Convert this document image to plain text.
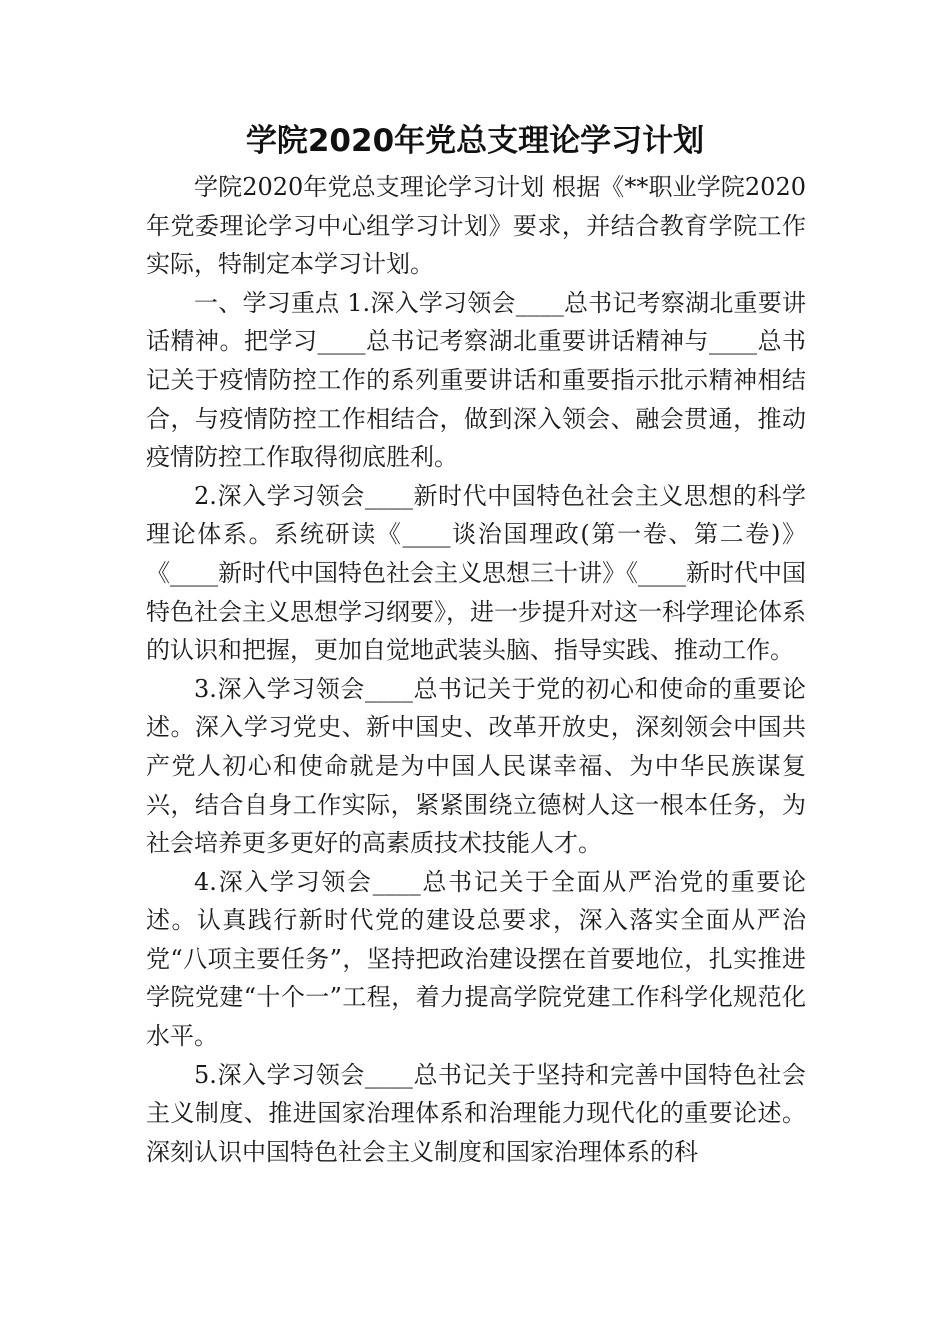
学院2020年党总支理论学习计划

学院2020年党总支理论学习计划 根据《**职业学院2020年党委理论学习中心组学习计划》要求，并结合教育学院工作实际，特制定本学习计划。

一、学习重点 1.深入学习领会____总书记考察湖北重要讲话精神。把学习____总书记考察湖北重要讲话精神与____总书记关于疫情防控工作的系列重要讲话和重要指示批示精神相结合，与疫情防控工作相结合，做到深入领会、融会贯通，推动疫情防控工作取得彻底胜利。

2.深入学习领会____新时代中国特色社会主义思想的科学理论体系。系统研读《____谈治国理政(第一卷、第二卷)》《____新时代中国特色社会主义思想三十讲》《____新时代中国特色社会主义思想学习纲要》，进一步提升对这一科学理论体系的认识和把握，更加自觉地武装头脑、指导实践、推动工作。

3.深入学习领会____总书记关于党的初心和使命的重要论述。深入学习党史、新中国史、改革开放史，深刻领会中国共产党人初心和使命就是为中国人民谋幸福、为中华民族谋复兴，结合自身工作实际，紧紧围绕立德树人这一根本任务，为社会培养更多更好的高素质技术技能人才。

4.深入学习领会____总书记关于全面从严治党的重要论述。认真践行新时代党的建设总要求，深入落实全面从严治党“八项主要任务”，坚持把政治建设摆在首要地位，扎实推进学院党建“十个一”工程，着力提高学院党建工作科学化规范化水平。

5.深入学习领会____总书记关于坚持和完善中国特色社会主义制度、推进国家治理体系和治理能力现代化的重要论述。深刻认识中国特色社会主义制度和国家治理体系的科
